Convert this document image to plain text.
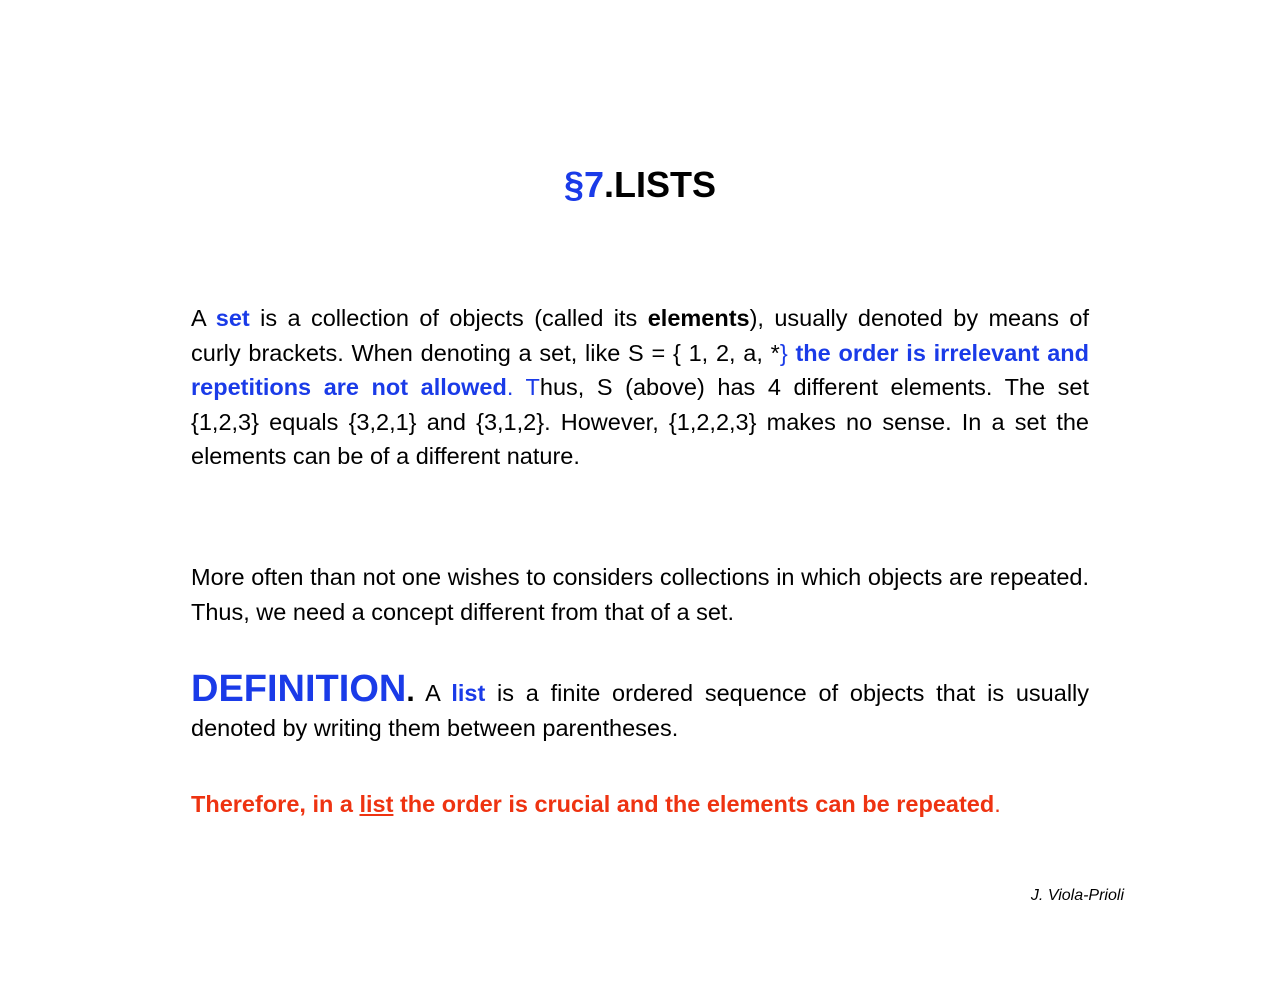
§7.LISTS

A set is a collection of objects (called its elements), usually denoted by means of curly brackets. When denoting a set, like S = { 1, 2, a, *} the order is irrelevant and repetitions are not allowed. Thus, S (above) has 4 different elements. The set {1,2,3} equals {3,2,1} and {3,1,2}. However, {1,2,2,3} makes no sense. In a set the elements can be of a different nature.

More often than not one wishes to considers collections in which objects are repeated. Thus, we need a concept different from that of a set.

DEFINITION. A list is a finite ordered sequence of objects that is usually denoted by writing them between parentheses.

Therefore, in a list the order is crucial and the elements can be repeated.

J. Viola-Prioli
